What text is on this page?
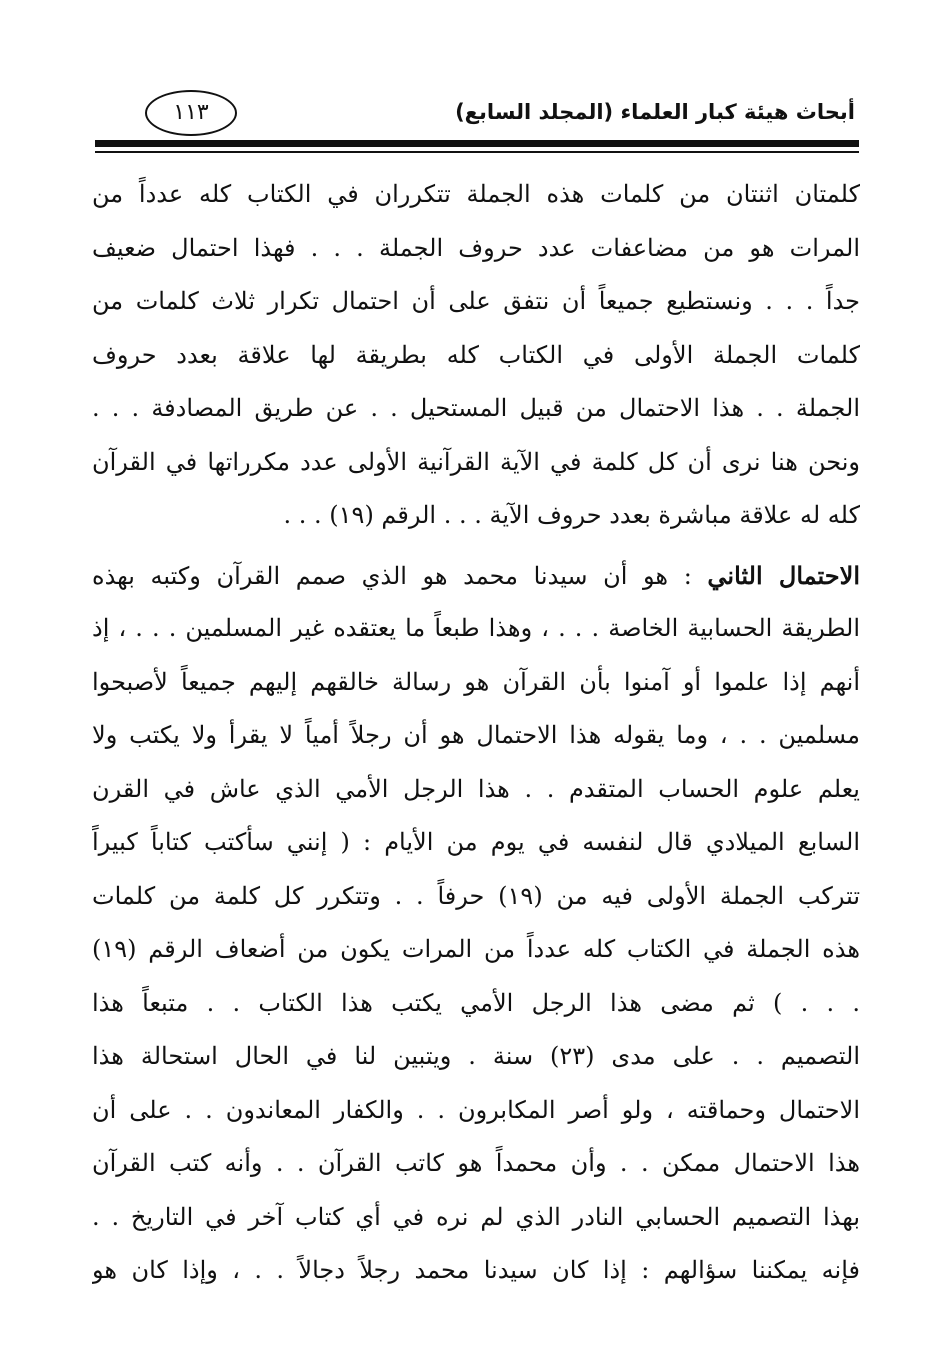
أبحاث هيئة كبار العلماء (المجلد السابع)
١١٣
كلمتان اثنتان من كلمات هذه الجملة تتكرران في الكتاب كله عدداً من
المرات هو من مضاعفات عدد حروف الجملة . . . فهذا احتمال ضعيف
جداً . . . ونستطيع جميعاً أن نتفق على أن احتمال تكرار ثلاث كلمات من
كلمات الجملة الأولى في الكتاب كله بطريقة لها علاقة بعدد حروف
الجملة . . هذا الاحتمال من قبيل المستحيل . . عن طريق المصادفة . . .
ونحن هنا نرى أن كل كلمة في الآية القرآنية الأولى عدد مكرراتها في القرآن
كله له علاقة مباشرة بعدد حروف الآية . . . الرقم (١٩) . . .
الاحتمال الثاني : هو أن سيدنا محمد هو الذي صمم القرآن وكتبه بهذه
الطريقة الحسابية الخاصة . . . ، وهذا طبعاً ما يعتقده غير المسلمين . . . ، إذ
أنهم إذا علموا أو آمنوا بأن القرآن هو رسالة خالقهم إليهم جميعاً لأصبحوا
مسلمين . . ، وما يقوله هذا الاحتمال هو أن رجلاً أمياً لا يقرأ ولا يكتب ولا
يعلم علوم الحساب المتقدم . . هذا الرجل الأمي الذي عاش في القرن
السابع الميلادي قال لنفسه في يوم من الأيام : ( إنني سأكتب كتاباً كبيراً
تتركب الجملة الأولى فيه من (١٩) حرفاً . . وتتكرر كل كلمة من كلمات
هذه الجملة في الكتاب كله عدداً من المرات يكون من أضعاف الرقم (١٩)
. . . ) ثم مضى هذا الرجل الأمي يكتب هذا الكتاب . . متبعاً هذا
التصميم . . على مدى (٢٣) سنة . ويتبين لنا في الحال استحالة هذا
الاحتمال وحماقته ، ولو أصر المكابرون . . والكفار المعاندون . . على أن
هذا الاحتمال ممكن . . وأن محمداً هو كاتب القرآن . . وأنه كتب القرآن
بهذا التصميم الحسابي النادر الذي لم نره في أي كتاب آخر في التاريخ . .
فإنه يمكننا سؤالهم : إذا كان سيدنا محمد رجلاً دجالاً . . ، وإذا كان هو
